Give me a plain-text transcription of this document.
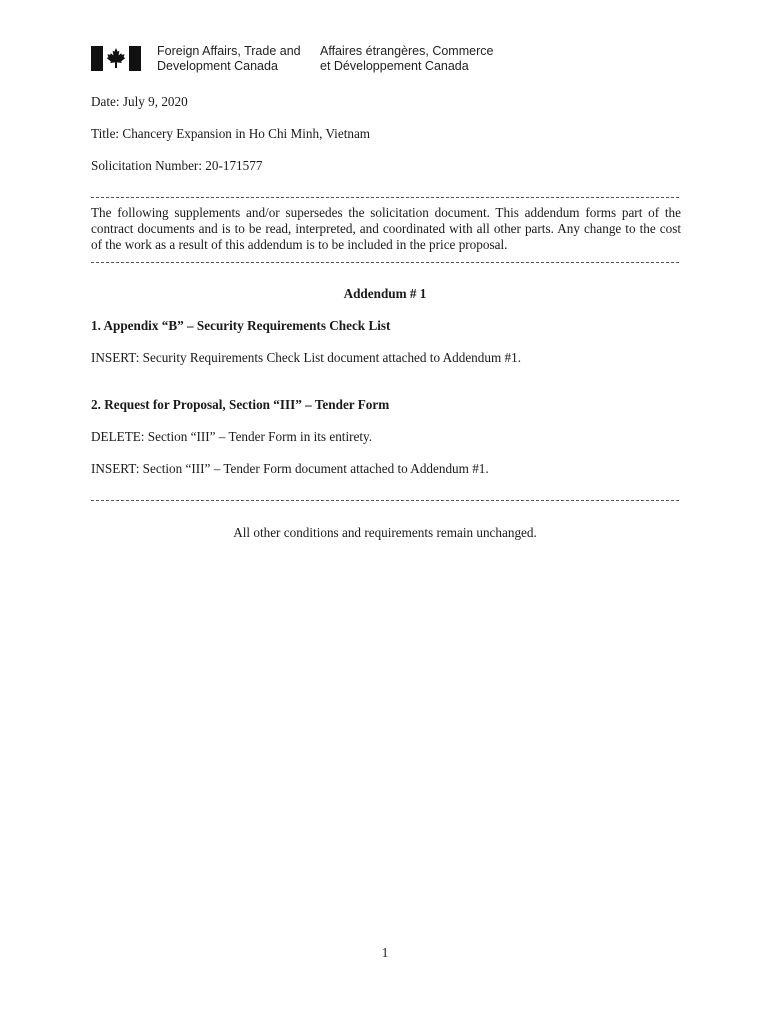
Foreign Affairs, Trade and
Development Canada
Affaires étrangères, Commerce
et Développement Canada
Date: July 9, 2020
Title: Chancery Expansion in Ho Chi Minh, Vietnam
Solicitation Number: 20-171577
The following supplements and/or supersedes the solicitation document. This addendum forms part of the contract documents and is to be read, interpreted, and coordinated with all other parts. Any change to the cost of the work as a result of this addendum is to be included in the price proposal.
Addendum # 1
1. Appendix “B” – Security Requirements Check List
INSERT: Security Requirements Check List document attached to Addendum #1.
2. Request for Proposal, Section “III” – Tender Form
DELETE: Section “III” – Tender Form in its entirety.
INSERT: Section “III” – Tender Form document attached to Addendum #1.
All other conditions and requirements remain unchanged.
1
